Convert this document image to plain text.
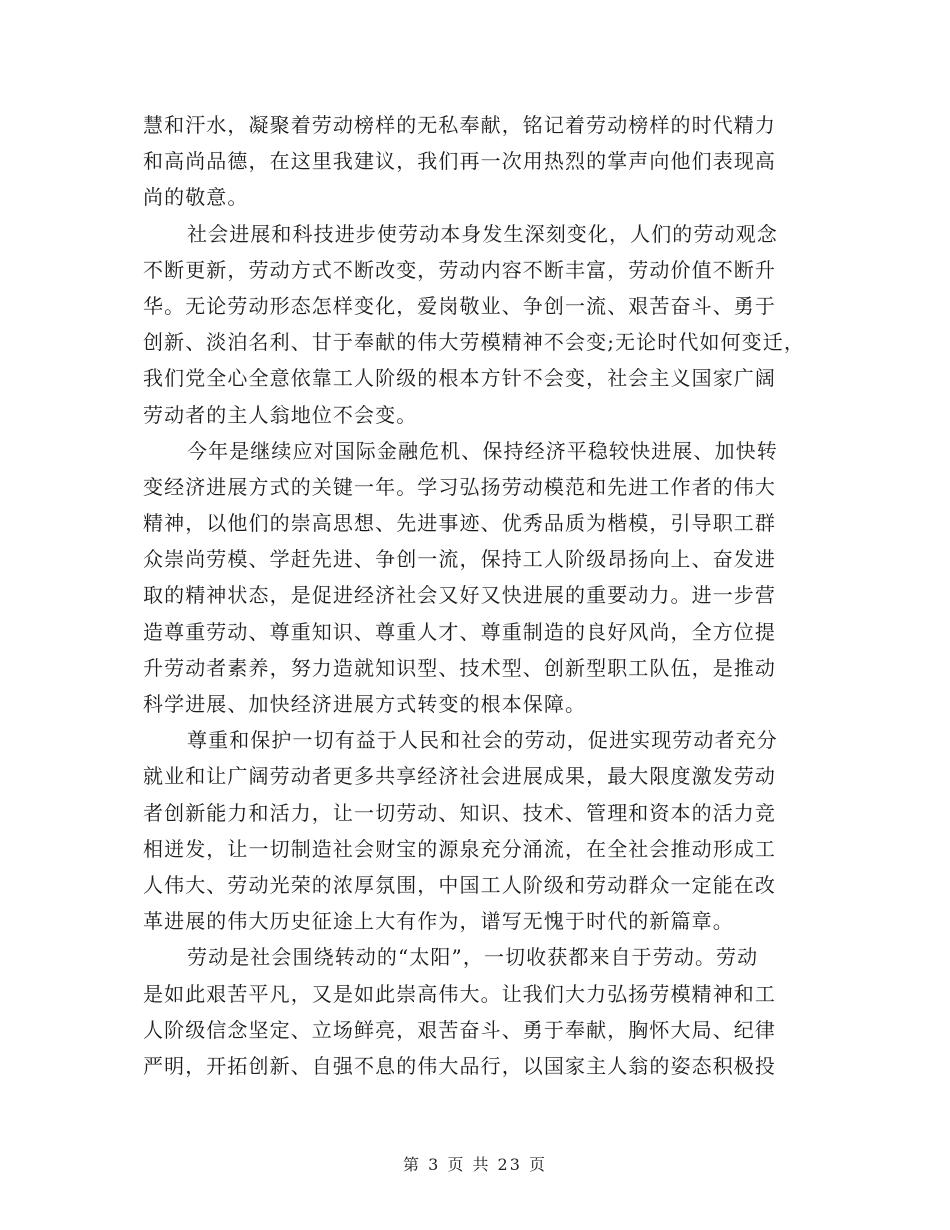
慧和汗水，凝聚着劳动榜样的无私奉献，铭记着劳动榜样的时代精力
和高尚品德，在这里我建议，我们再一次用热烈的掌声向他们表现高
尚的敬意。
社会进展和科技进步使劳动本身发生深刻变化，人们的劳动观念
不断更新，劳动方式不断改变，劳动内容不断丰富，劳动价值不断升
华。无论劳动形态怎样变化，爱岗敬业、争创一流、艰苦奋斗、勇于
创新、淡泊名利、甘于奉献的伟大劳模精神不会变;无论时代如何变迁，
我们党全心全意依靠工人阶级的根本方针不会变，社会主义国家广阔
劳动者的主人翁地位不会变。
今年是继续应对国际金融危机、保持经济平稳较快进展、加快转
变经济进展方式的关键一年。学习弘扬劳动模范和先进工作者的伟大
精神，以他们的崇高思想、先进事迹、优秀品质为楷模，引导职工群
众崇尚劳模、学赶先进、争创一流，保持工人阶级昂扬向上、奋发进
取的精神状态，是促进经济社会又好又快进展的重要动力。进一步营
造尊重劳动、尊重知识、尊重人才、尊重制造的良好风尚，全方位提
升劳动者素养，努力造就知识型、技术型、创新型职工队伍，是推动
科学进展、加快经济进展方式转变的根本保障。
尊重和保护一切有益于人民和社会的劳动，促进实现劳动者充分
就业和让广阔劳动者更多共享经济社会进展成果，最大限度激发劳动
者创新能力和活力，让一切劳动、知识、技术、管理和资本的活力竞
相迸发，让一切制造社会财宝的源泉充分涌流，在全社会推动形成工
人伟大、劳动光荣的浓厚氛围，中国工人阶级和劳动群众一定能在改
革进展的伟大历史征途上大有作为，谱写无愧于时代的新篇章。
劳动是社会围绕转动的“太阳”，一切收获都来自于劳动。劳动
是如此艰苦平凡，又是如此崇高伟大。让我们大力弘扬劳模精神和工
人阶级信念坚定、立场鲜亮，艰苦奋斗、勇于奉献，胸怀大局、纪律
严明，开拓创新、自强不息的伟大品行，以国家主人翁的姿态积极投
第 3 页 共 23 页
